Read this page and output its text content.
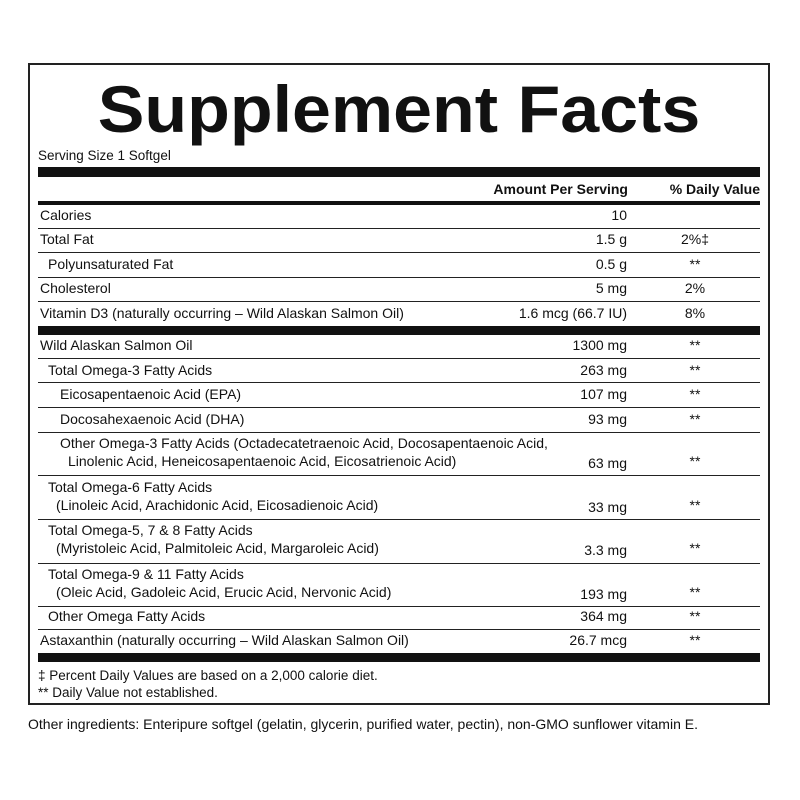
Supplement Facts
Serving Size 1 Softgel
Amount Per Serving	% Daily Value
Calories	10
Total Fat	1.5 g	2%‡
Polyunsaturated Fat	0.5 g	**
Cholesterol	5 mg	2%
Vitamin D3 (naturally occurring – Wild Alaskan Salmon Oil)	1.6 mcg (66.7 IU)	8%
Wild Alaskan Salmon Oil	1300 mg	**
Total Omega-3 Fatty Acids	263 mg	**
Eicosapentaenoic Acid (EPA)	107 mg	**
Docosahexaenoic Acid (DHA)	93 mg	**
Other Omega-3 Fatty Acids (Octadecatetraenoic Acid, Docosapentaenoic Acid,
Linolenic Acid, Heneicosapentaenoic Acid, Eicosatrienoic Acid)	63 mg	**
Total Omega-6 Fatty Acids
(Linoleic Acid, Arachidonic Acid, Eicosadienoic Acid)	33 mg	**
Total Omega-5, 7 & 8 Fatty Acids
(Myristoleic Acid, Palmitoleic Acid, Margaroleic Acid)	3.3 mg	**
Total Omega-9 & 11 Fatty Acids
(Oleic Acid, Gadoleic Acid, Erucic Acid, Nervonic Acid)	193 mg	**
Other Omega Fatty Acids	364 mg	**
Astaxanthin (naturally occurring – Wild Alaskan Salmon Oil)	26.7 mcg	**
‡ Percent Daily Values are based on a 2,000 calorie diet.
** Daily Value not established.
Other ingredients: Enteripure softgel (gelatin, glycerin, purified water, pectin), non-GMO sunflower vitamin E.
